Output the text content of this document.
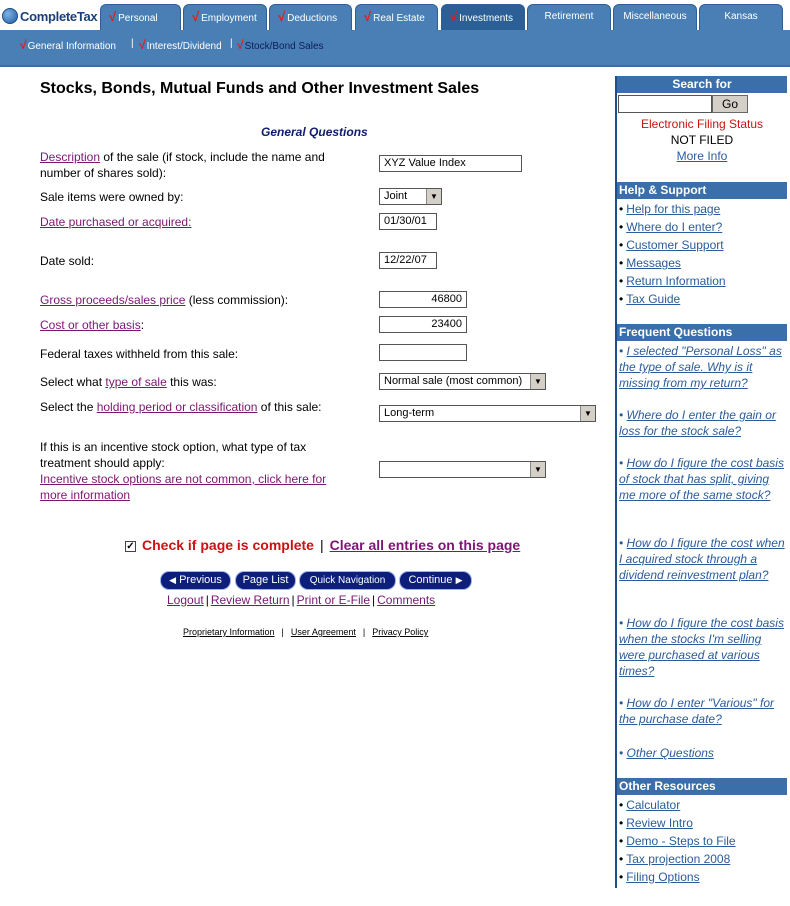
CompleteTax √ Personal	√ Employment	√ Deductions	√ Real Estate	√ Investments	Retirement	Miscellaneous	Kansas
√General Information | √Interest/Dividend | √Stock/Bond Sales
Stocks, Bonds, Mutual Funds and Other Investment Sales
General Questions
Description of the sale (if stock, include the name and number of shares sold):
XYZ Value Index
Sale items were owned by:	Joint	▼
Date purchased or acquired:	01/30/01
Date sold:	12/22/07
Gross proceeds/sales price (less commission):	46800
Cost or other basis:	23400
Federal taxes withheld from this sale:
Select what type of sale this was:	Normal sale (most common)	▼
Select the holding period or classification of this sale:	Long-term	▼
If this is an incentive stock option, what type of tax treatment should apply:
Incentive stock options are not common, click here for more information
▼
✓ Check if page is complete | Clear all entries on this page
◀ Previous	Page List	Quick Navigation	Continue ▶
Logout | Review Return | Print or E-File | Comments
Proprietary Information | User Agreement | Privacy Policy
Search for
Go
Electronic Filing Status
NOT FILED
More Info
Help & Support
• Help for this page
• Where do I enter?
• Customer Support
• Messages
• Return Information
• Tax Guide
Frequent Questions
• I selected "Personal Loss" as the type of sale. Why is it missing from my return?
• Where do I enter the gain or loss for the stock sale?
• How do I figure the cost basis of stock that has split, giving me more of the same stock?
• How do I figure the cost when I acquired stock through a dividend reinvestment plan?
• How do I figure the cost basis when the stocks I'm selling were purchased at various times?
• How do I enter "Various" for the purchase date?
• Other Questions
Other Resources
• Calculator
• Review Intro
• Demo - Steps to File
• Tax projection 2008
• Filing Options
